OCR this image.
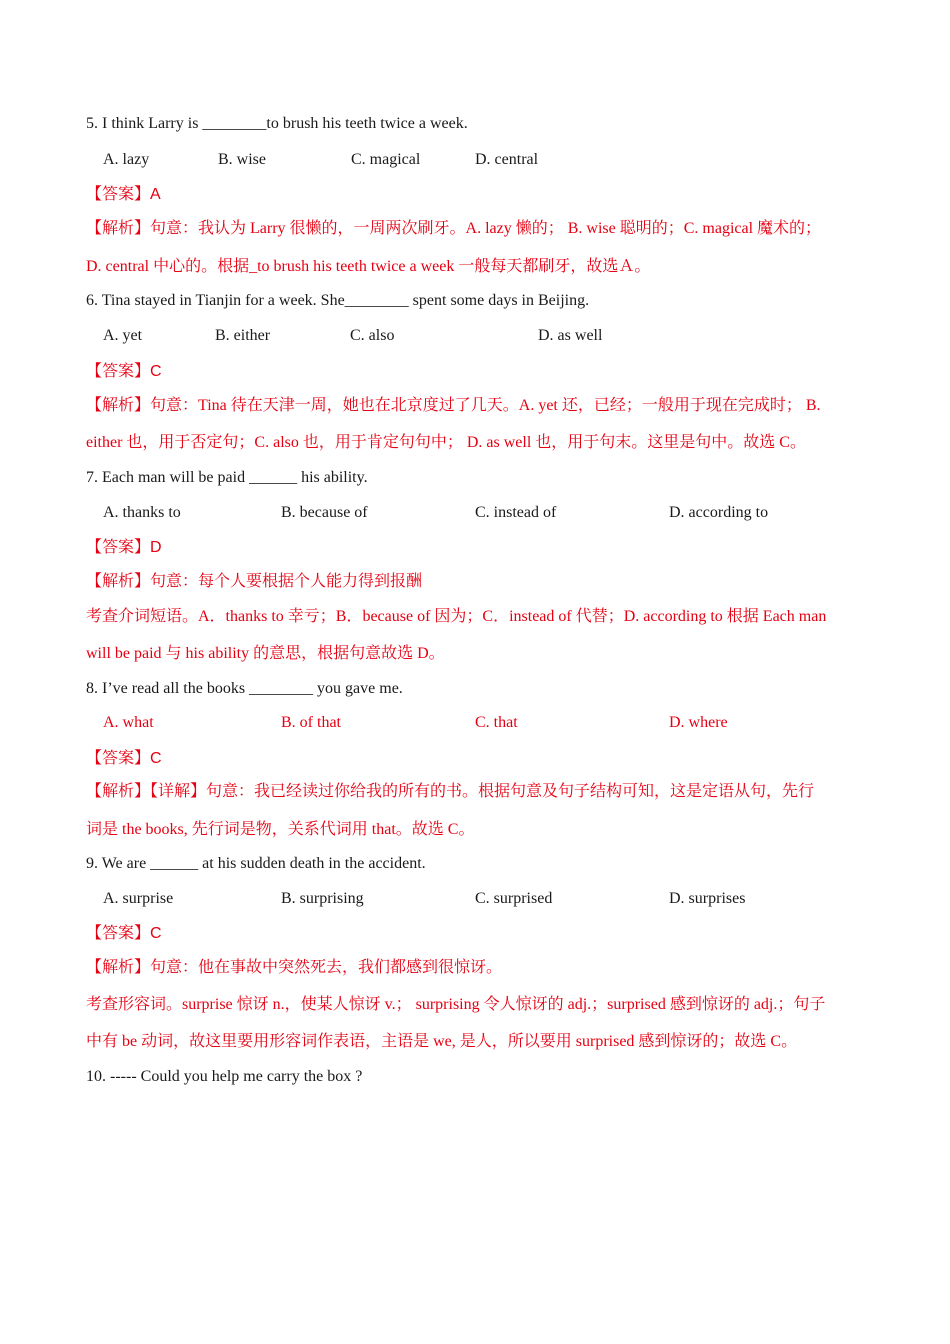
5. I think Larry is ________to brush his teeth twice a week.
A. lazy	B. wise	C. magical	D. central
【答案】A
【解析】句意：我认为 Larry 很懒的，一周两次刷牙。A. lazy 懒的； B. wise 聪明的；C. magical 魔术的；
D. central 中心的。根据_to brush his teeth twice a week 一般每天都刷牙，故选Ａ。
6. Tina stayed in Tianjin for a week. She________ spent some days in Beijing.
A. yet	B. either	C. also	D. as well
【答案】C
【解析】句意：Tina 待在天津一周，她也在北京度过了几天。A. yet 还，已经；一般用于现在完成时； B.
either 也，用于否定句；C. also 也，用于肯定句句中； D. as well 也，用于句末。这里是句中。故选 C。
7. Each man will be paid ______ his ability.
A. thanks to	B. because of	C. instead of	D. according to
【答案】D
【解析】句意：每个人要根据个人能力得到报酬
考查介词短语。A．thanks to 幸亏；B．because of 因为；C．instead of 代替；D. according to 根据 Each man
will be paid 与 his ability 的意思，根据句意故选 D。
8. I’ve read all the books ________ you gave me.
A. what	B. of that	C. that	D. where
【答案】C
【解析】【详解】句意：我已经读过你给我的所有的书。根据句意及句子结构可知，这是定语从句，先行
词是 the books, 先行词是物，关系代词用 that。故选 C。
9. We are ______ at his sudden death in the accident.
A. surprise	B. surprising	C. surprised	D. surprises
【答案】C
【解析】句意：他在事故中突然死去，我们都感到很惊讶。
考查形容词。surprise 惊讶 n.，使某人惊讶 v.； surprising 令人惊讶的 adj.；surprised 感到惊讶的 adj.；句子
中有 be 动词，故这里要用形容词作表语，主语是 we, 是人，所以要用 surprised 感到惊讶的；故选 C。
10. ----- Could you help me carry the box ?
